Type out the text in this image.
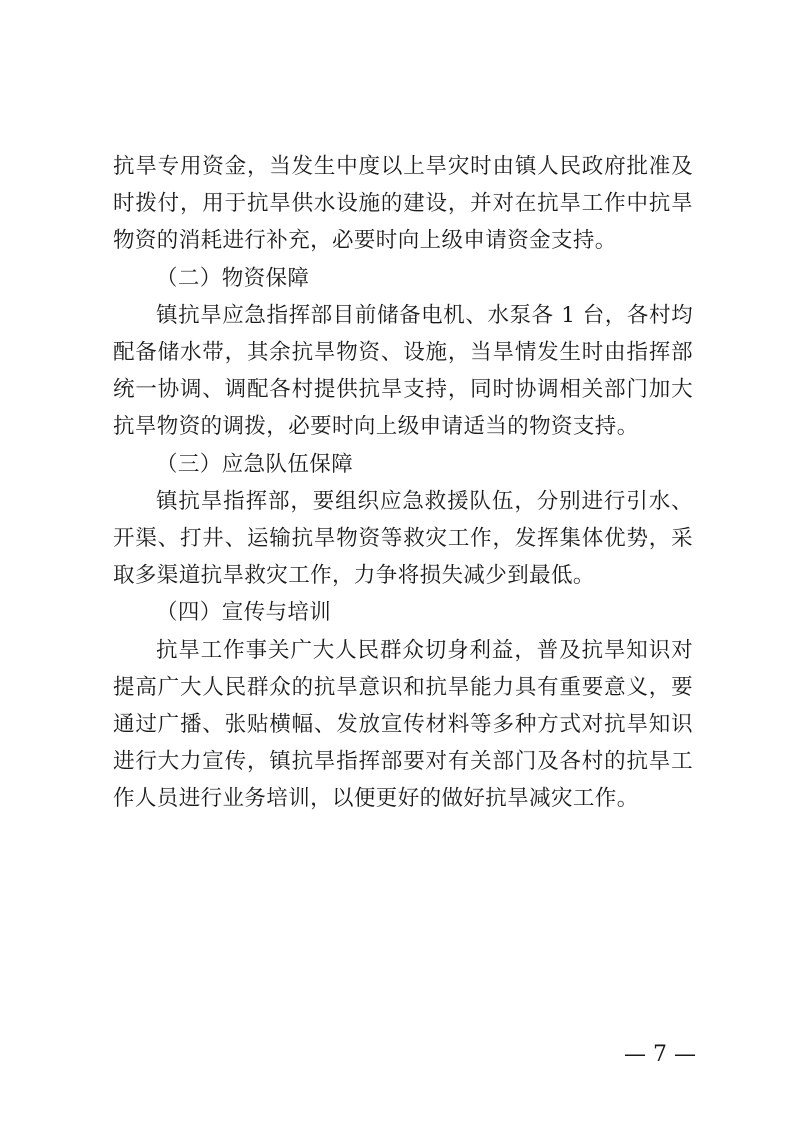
抗旱专用资金，当发生中度以上旱灾时由镇人民政府批准及时拨付，用于抗旱供水设施的建设，并对在抗旱工作中抗旱物资的消耗进行补充，必要时向上级申请资金支持。

（二）物资保障

镇抗旱应急指挥部目前储备电机、水泵各 1 台，各村均配备储水带，其余抗旱物资、设施，当旱情发生时由指挥部统一协调、调配各村提供抗旱支持，同时协调相关部门加大抗旱物资的调拨，必要时向上级申请适当的物资支持。

（三）应急队伍保障

镇抗旱指挥部，要组织应急救援队伍，分别进行引水、开渠、打井、运输抗旱物资等救灾工作，发挥集体优势，采取多渠道抗旱救灾工作，力争将损失减少到最低。

（四）宣传与培训

抗旱工作事关广大人民群众切身利益，普及抗旱知识对提高广大人民群众的抗旱意识和抗旱能力具有重要意义，要通过广播、张贴横幅、发放宣传材料等多种方式对抗旱知识进行大力宣传，镇抗旱指挥部要对有关部门及各村的抗旱工作人员进行业务培训，以便更好的做好抗旱减灾工作。

— 7 —
